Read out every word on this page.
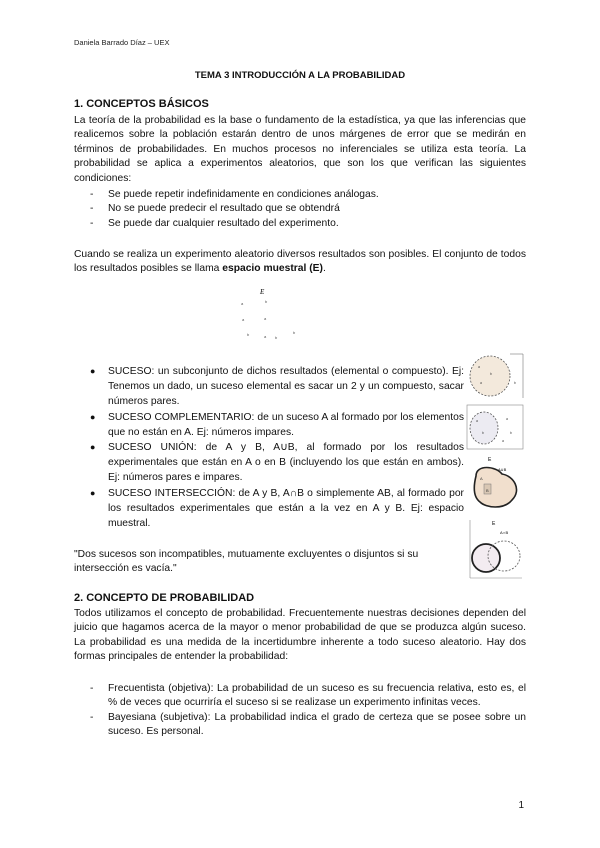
Daniela Barrado Díaz – UEX
TEMA 3 INTRODUCCIÓN A LA PROBABILIDAD
1. CONCEPTOS BÁSICOS
La teoría de la probabilidad es la base o fundamento de la estadística, ya que las inferencias que realicemos sobre la población estarán dentro de unos márgenes de error que se medirán en términos de probabilidades. En muchos procesos no inferenciales se utiliza esta teoría. La probabilidad se aplica a experimentos aleatorios, que son los que verifican las siguientes condiciones:
- Se puede repetir indefinidamente en condiciones análogas.
- No se puede predecir el resultado que se obtendrá
- Se puede dar cualquier resultado del experimento.
Cuando se realiza un experimento aleatorio diversos resultados son posibles. El conjunto de todos los resultados posibles se llama espacio muestral (E).
E
a	b
a	a
b	a b
b
● SUCESO: un subconjunto de dichos resultados (elemental o compuesto). Ej: Tenemos un dado, un suceso elemental es sacar un 2 y un compuesto, sacar números pares.
● SUCESO COMPLEMENTARIO: de un suceso A al formado por los elementos que no están en A. Ej: números impares.
● SUCESO UNIÓN: de A y B, A∪B, al formado por los resultados experimentales que están en A o en B (incluyendo los que están en ambos). Ej: números pares e impares.
● SUCESO INTERSECCIÓN: de A y B, A∩B o simplemente AB, al formado por los resultados experimentales que están a la vez en A y B. Ej: espacio muestral.
a
b
a
.
b
a
b
a
b
a
E
A∪B
A
B
E
A∩B
"Dos sucesos son incompatibles, mutuamente excluyentes o disjuntos si su intersección es vacía."
2. CONCEPTO DE PROBABILIDAD
Todos utilizamos el concepto de probabilidad. Frecuentemente nuestras decisiones dependen del juicio que hagamos acerca de la mayor o menor probabilidad de que se produzca algún suceso. La probabilidad es una medida de la incertidumbre inherente a todo suceso aleatorio. Hay dos formas principales de entender la probabilidad:
- Frecuentista (objetiva): La probabilidad de un suceso es su frecuencia relativa, esto es, el % de veces que ocurriría el suceso si se realizase un experimento infinitas veces.
- Bayesiana (subjetiva): La probabilidad indica el grado de certeza que se posee sobre un suceso. Es personal.
1
